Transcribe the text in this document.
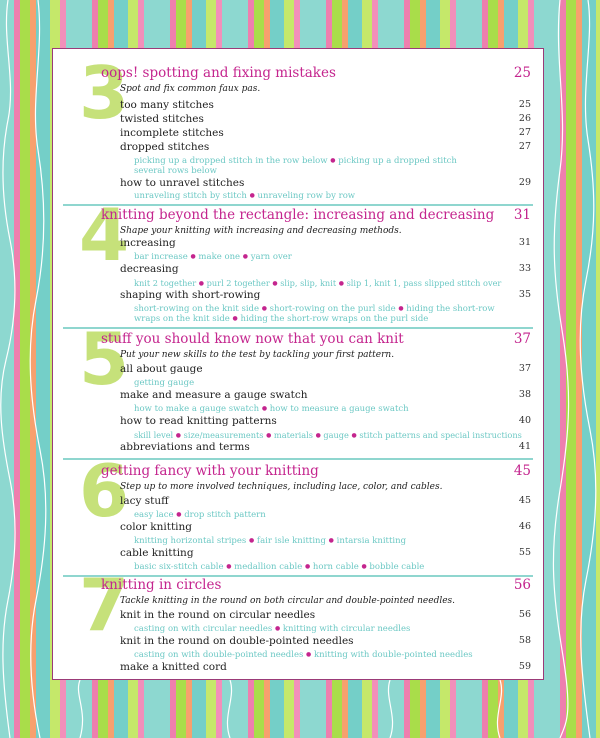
3
oops! spotting and fixing mistakes	25
Spot and fix common faux pas.
too many stitches	25
twisted stitches	26
incomplete stitches	27
dropped stitches	27
picking up a dropped stitch in the row below ● picking up a dropped stitch
several rows below
how to unravel stitches	29
unraveling stitch by stitch ● unraveling row by row
4
knitting beyond the rectangle: increasing and decreasing 31
Shape your knitting with increasing and decreasing methods.
increasing	31
bar increase ● make one ● yarn over
decreasing	33
knit 2 together ● purl 2 together ● slip, slip, knit ● slip 1, knit 1, pass slipped stitch over
shaping with short-rowing	35
short-rowing on the knit side ● short-rowing on the purl side ● hiding the short-row
wraps on the knit side ● hiding the short-row wraps on the purl side
5
stuff you should know now that you can knit	37
Put your new skills to the test by tackling your first pattern.
all about gauge	37
getting gauge
make and measure a gauge swatch	38
how to make a gauge swatch ● how to measure a gauge swatch
how to read knitting patterns	40
skill level ● size/measurements ● materials ● gauge ● stitch patterns and special instructions
abbreviations and terms	41
6
getting fancy with your knitting	45
Step up to more involved techniques, including lace, color, and cables.
lacy stuff	45
easy lace ● drop stitch pattern
color knitting	46
knitting horizontal stripes ● fair isle knitting ● intarsia knitting
cable knitting	55
basic six-stitch cable ● medallion cable ● horn cable ● bobble cable
7
knitting in circles	56
Tackle knitting in the round on both circular and double-pointed needles.
knit in the round on circular needles	56
casting on with circular needles ● knitting with circular needles
knit in the round on double-pointed needles	58
casting on with double-pointed needles ● knitting with double-pointed needles
make a knitted cord	59
